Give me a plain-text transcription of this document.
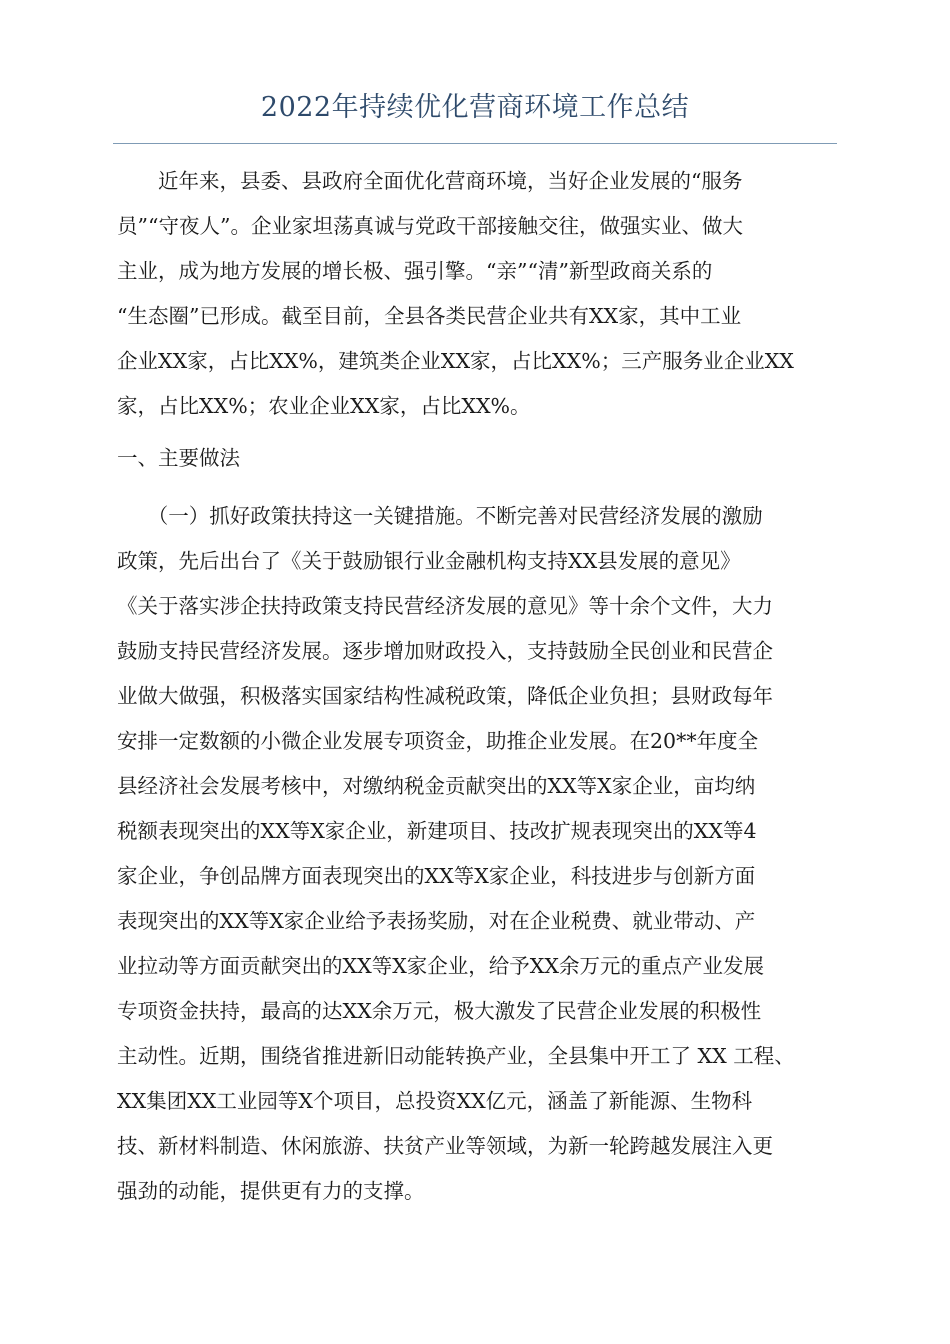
2022年持续优化营商环境工作总结
　　近年来，县委、县政府全面优化营商环境，当好企业发展的“服务
员”“守夜人”。企业家坦荡真诚与党政干部接触交往，做强实业、做大
主业，成为地方发展的增长极、强引擎。“亲”“清”新型政商关系的
“生态圈”已形成。截至目前，全县各类民营企业共有XX家，其中工业
企业XX家，占比XX%，建筑类企业XX家，占比XX%；三产服务业企业XX
家，占比XX%；农业企业XX家，占比XX%。
一、主要做法
　　（一）抓好政策扶持这一关键措施。不断完善对民营经济发展的激励
政策，先后出台了《关于鼓励银行业金融机构支持XX县发展的意见》
《关于落实涉企扶持政策支持民营经济发展的意见》等十余个文件，大力
鼓励支持民营经济发展。逐步增加财政投入，支持鼓励全民创业和民营企
业做大做强，积极落实国家结构性减税政策，降低企业负担；县财政每年
安排一定数额的小微企业发展专项资金，助推企业发展。在20**年度全
县经济社会发展考核中，对缴纳税金贡献突出的XX等X家企业，亩均纳
税额表现突出的XX等X家企业，新建项目、技改扩规表现突出的XX等4
家企业，争创品牌方面表现突出的XX等X家企业，科技进步与创新方面
表现突出的XX等X家企业给予表扬奖励，对在企业税费、就业带动、产
业拉动等方面贡献突出的XX等X家企业，给予XX余万元的重点产业发展
专项资金扶持，最高的达XX余万元，极大激发了民营企业发展的积极性
主动性。近期，围绕省推进新旧动能转换产业，全县集中开工了 XX 工程、
XX集团XX工业园等X个项目，总投资XX亿元，涵盖了新能源、生物科
技、新材料制造、休闲旅游、扶贫产业等领域，为新一轮跨越发展注入更
强劲的动能，提供更有力的支撑。
